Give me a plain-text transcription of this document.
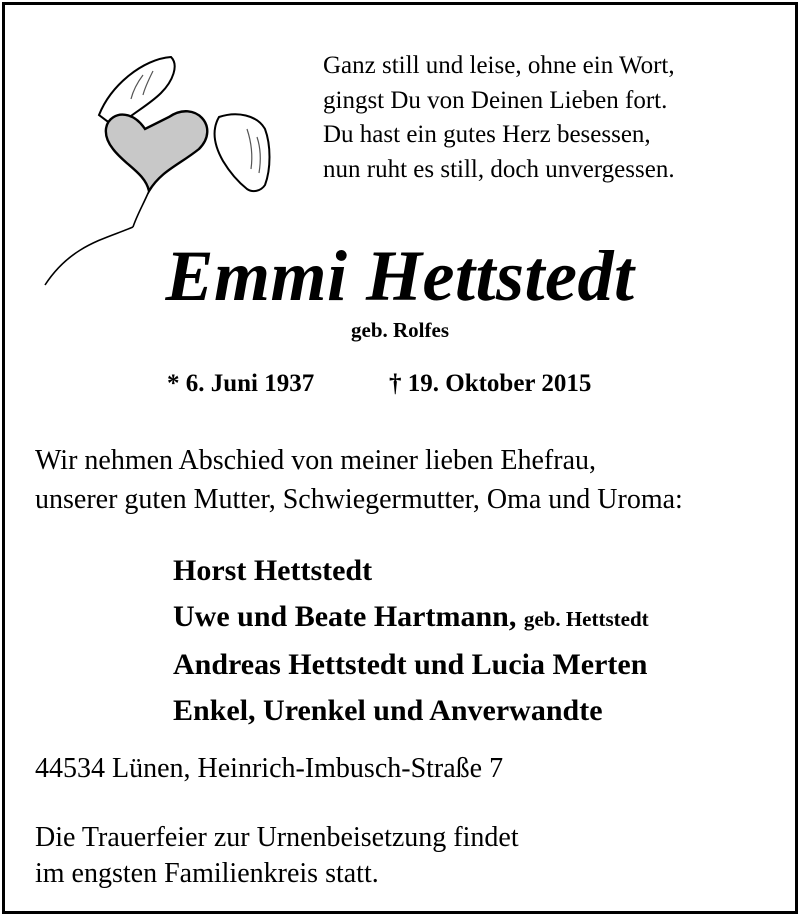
Ganz still und leise, ohne ein Wort,
gingst Du von Deinen Lieben fort.
Du hast ein gutes Herz besessen,
nun ruht es still, doch unvergessen.
Emmi Hettstedt
geb. Rolfes
* 6. Juni 1937	† 19. Oktober 2015
Wir nehmen Abschied von meiner lieben Ehefrau,
unserer guten Mutter, Schwiegermutter, Oma und Uroma:
Horst Hettstedt
Uwe und Beate Hartmann, geb. Hettstedt
Andreas Hettstedt und Lucia Merten
Enkel, Urenkel und Anverwandte
44534 Lünen, Heinrich-Imbusch-Straße 7
Die Trauerfeier zur Urnenbeisetzung findet
im engsten Familienkreis statt.
